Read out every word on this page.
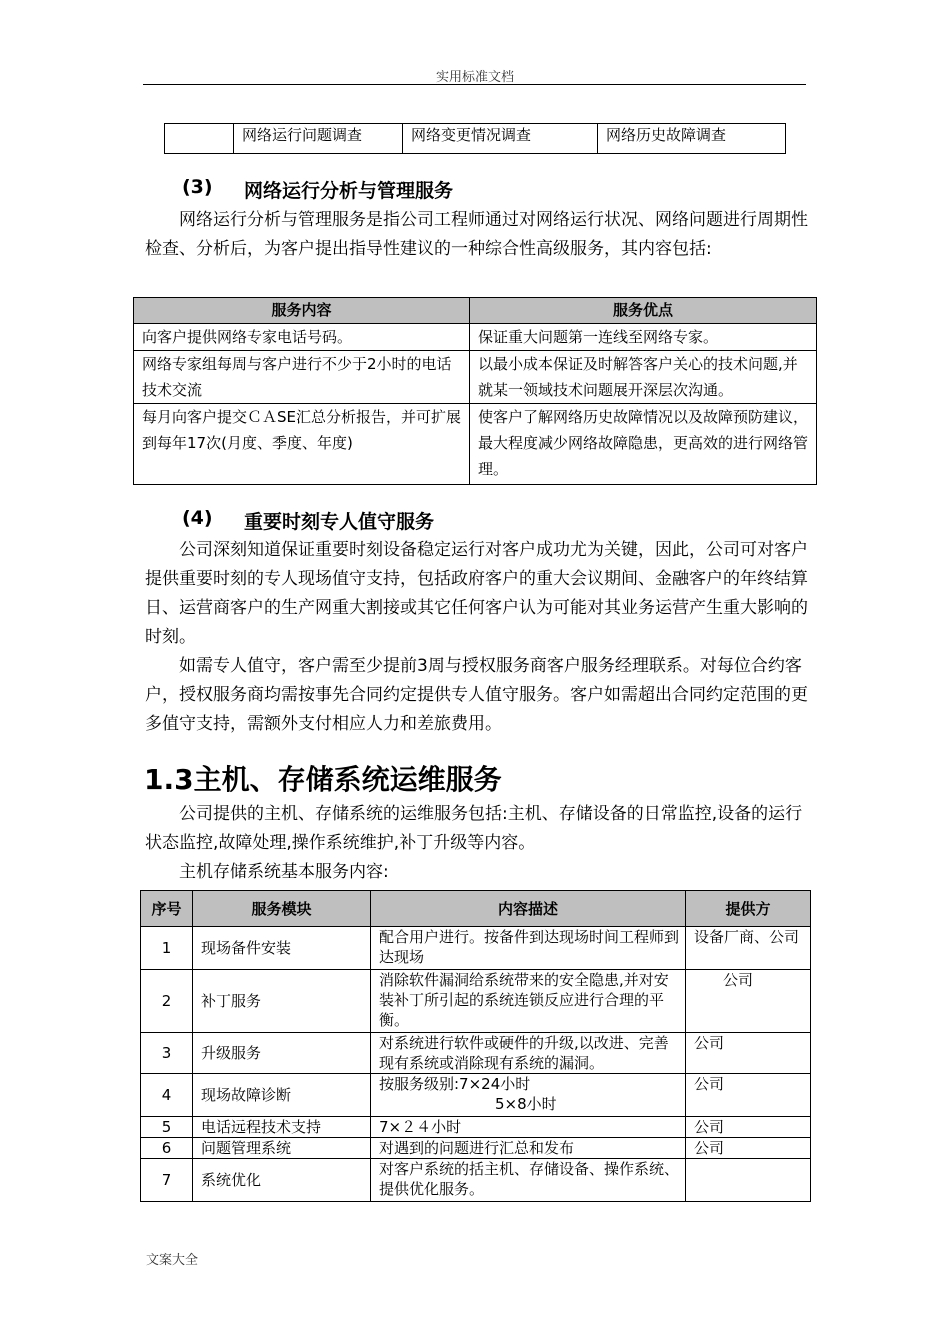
实用标准文档
	网络运行问题调查	网络变更情况调查	网络历史故障调查
(3) 网络运行分析与管理服务

网络运行分析与管理服务是指公司工程师通过对网络运行状况、网络问题进行周期性检查、分析后，为客户提出指导性建议的一种综合性高级服务，其内容包括:

服务内容	服务优点
向客户提供网络专家电话号码。	保证重大问题第一连线至网络专家。
网络专家组每周与客户进行不少于2小时的电话技术交流	以最小成本保证及时解答客户关心的技术问题,并就某一领域技术问题展开深层次沟通。
每月向客户提交ＣＡSE汇总分析报告，并可扩展到每年17次(月度、季度、年度)	使客户了解网络历史故障情况以及故障预防建议，最大程度减少网络故障隐患，更高效的进行网络管理。
(4) 重要时刻专人值守服务

公司深刻知道保证重要时刻设备稳定运行对客户成功尤为关键，因此，公司可对客户提供重要时刻的专人现场值守支持，包括政府客户的重大会议期间、金融客户的年终结算日、运营商客户的生产网重大割接或其它任何客户认为可能对其业务运营产生重大影响的时刻。

如需专人值守，客户需至少提前3周与授权服务商客户服务经理联系。对每位合约客户，授权服务商均需按事先合同约定提供专人值守服务。客户如需超出合同约定范围的更多值守支持，需额外支付相应人力和差旅费用。

1.3主机、存储系统运维服务

公司提供的主机、存储系统的运维服务包括:主机、存储设备的日常监控,设备的运行状态监控,故障处理,操作系统维护,补丁升级等内容。

主机存储系统基本服务内容:

序号	服务模块	内容描述	提供方
1	现场备件安装	配合用户进行。按备件到达现场时间工程师到达现场	设备厂商、公司
2	补丁服务	消除软件漏洞给系统带来的安全隐患,并对安装补丁所引起的系统连锁反应进行合理的平衡。	公司
3	升级服务	对系统进行软件或硬件的升级,以改进、完善现有系统或消除现有系统的漏洞。	公司
4	现场故障诊断	按服务级别:7×24小时
5×8小时	公司
5	电话远程技术支持	7×２４小时	公司
6	问题管理系统	对遇到的问题进行汇总和发布	公司
7	系统优化	对客户系统的括主机、存储设备、操作系统、提供优化服务。	
文案大全
